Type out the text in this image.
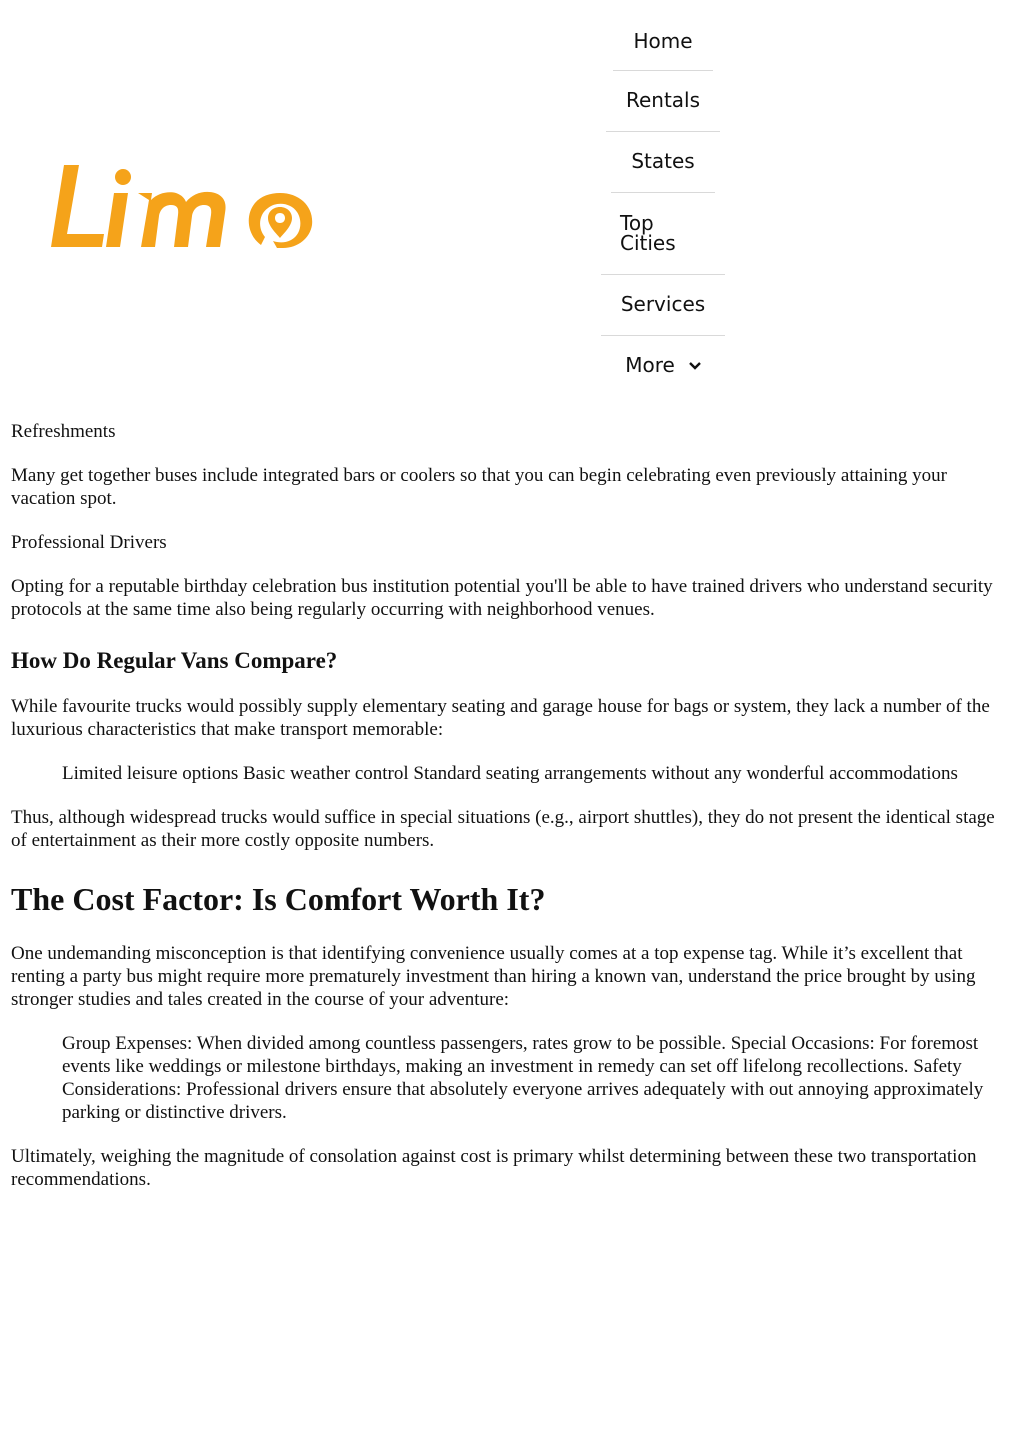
Home
Rentals
States
Top
Cities
Services
More

Refreshments

Many get together buses include integrated bars or coolers so that you can begin celebrating even previously attaining your vacation spot.

Professional Drivers

Opting for a reputable birthday celebration bus institution potential you'll be able to have trained drivers who understand security protocols at the same time also being regularly occurring with neighborhood venues.

How Do Regular Vans Compare?

While favourite trucks would possibly supply elementary seating and garage house for bags or system, they lack a number of the luxurious characteristics that make transport memorable:

Limited leisure options Basic weather control Standard seating arrangements without any wonderful accommodations

Thus, although widespread trucks would suffice in special situations (e.g., airport shuttles), they do not present the identical stage of entertainment as their more costly opposite numbers.

The Cost Factor: Is Comfort Worth It?

One undemanding misconception is that identifying convenience usually comes at a top expense tag. While it’s excellent that renting a party bus might require more prematurely investment than hiring a known van, understand the price brought by using stronger studies and tales created in the course of your adventure:

Group Expenses: When divided among countless passengers, rates grow to be possible. Special Occasions: For foremost events like weddings or milestone birthdays, making an investment in remedy can set off lifelong recollections. Safety Considerations: Professional drivers ensure that absolutely everyone arrives adequately with out annoying approximately parking or distinctive drivers.

Ultimately, weighing the magnitude of consolation against cost is primary whilst determining between these two transportation recommendations.
